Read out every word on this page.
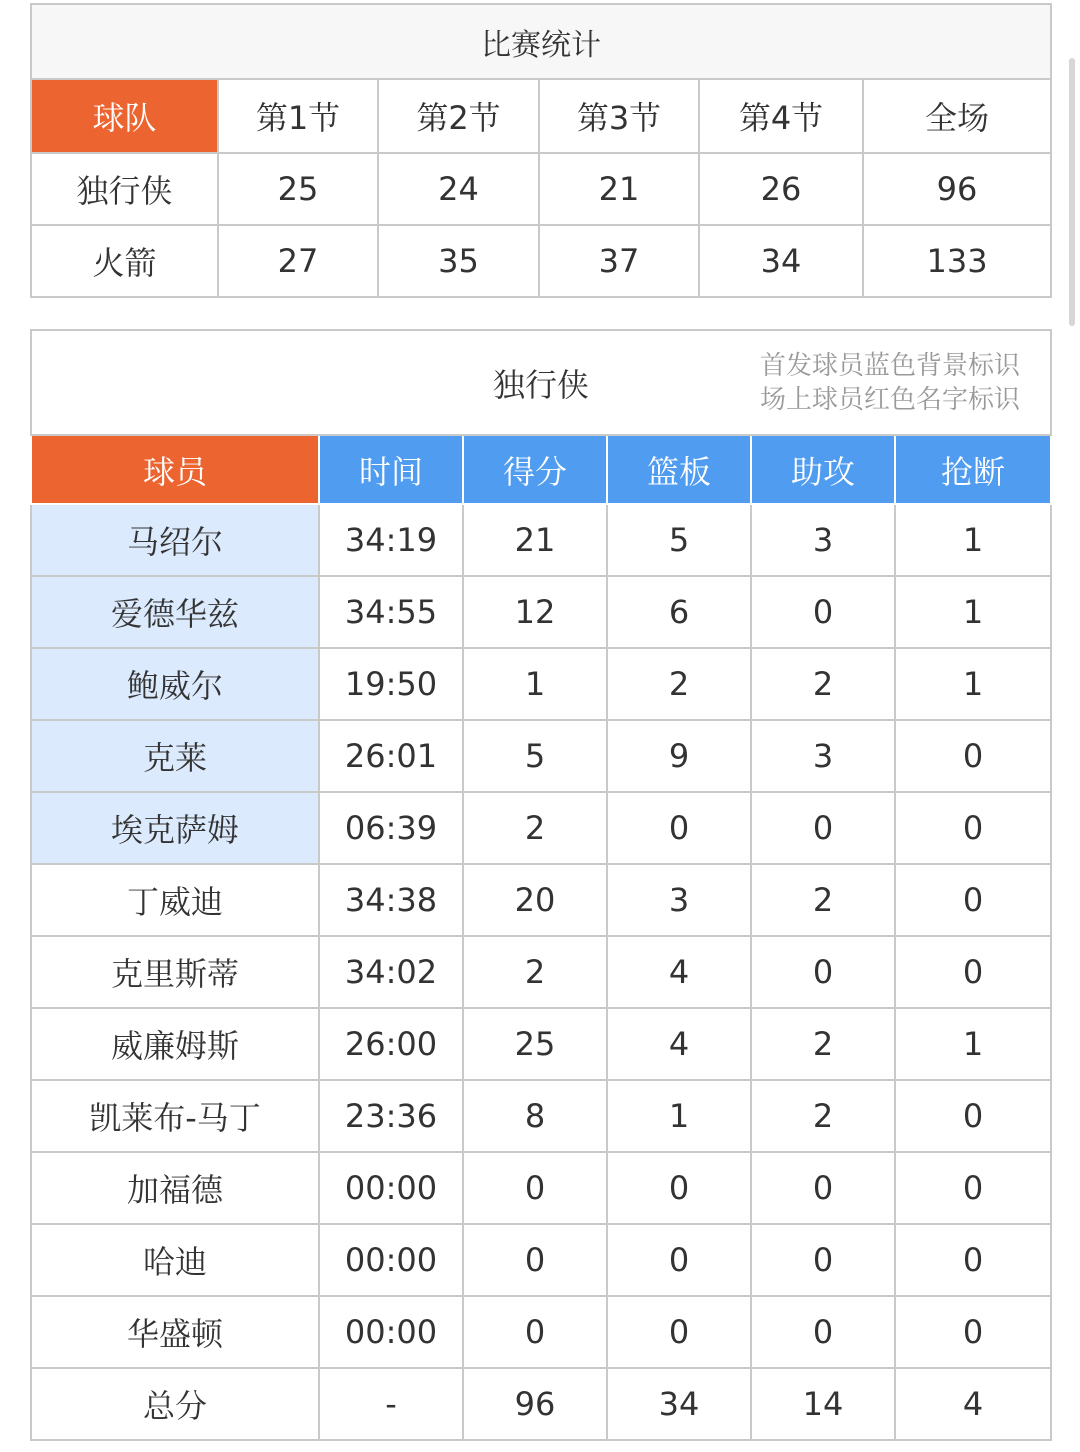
比赛统计					
球队	第1节	第2节	第3节	第4节	全场
独行侠	25	24	21	26	96
火箭	27	35	37	34	133
独行侠 首发球员蓝色背景标识
场上球员红色名字标识					

球员	时间	得分	篮板	助攻	抢断
马绍尔	34:19	21	5	3	1
爱德华兹	34:55	12	6	0	1
鲍威尔	19:50	1	2	2	1
克莱	26:01	5	9	3	0
埃克萨姆	06:39	2	0	0	0
丁威迪	34:38	20	3	2	0
克里斯蒂	34:02	2	4	0	0
威廉姆斯	26:00	25	4	2	1
凯莱布-马丁	23:36	8	1	2	0
加福德	00:00	0	0	0	0
哈迪	00:00	0	0	0	0
华盛顿	00:00	0	0	0	0
总分	-	96	34	14	4
